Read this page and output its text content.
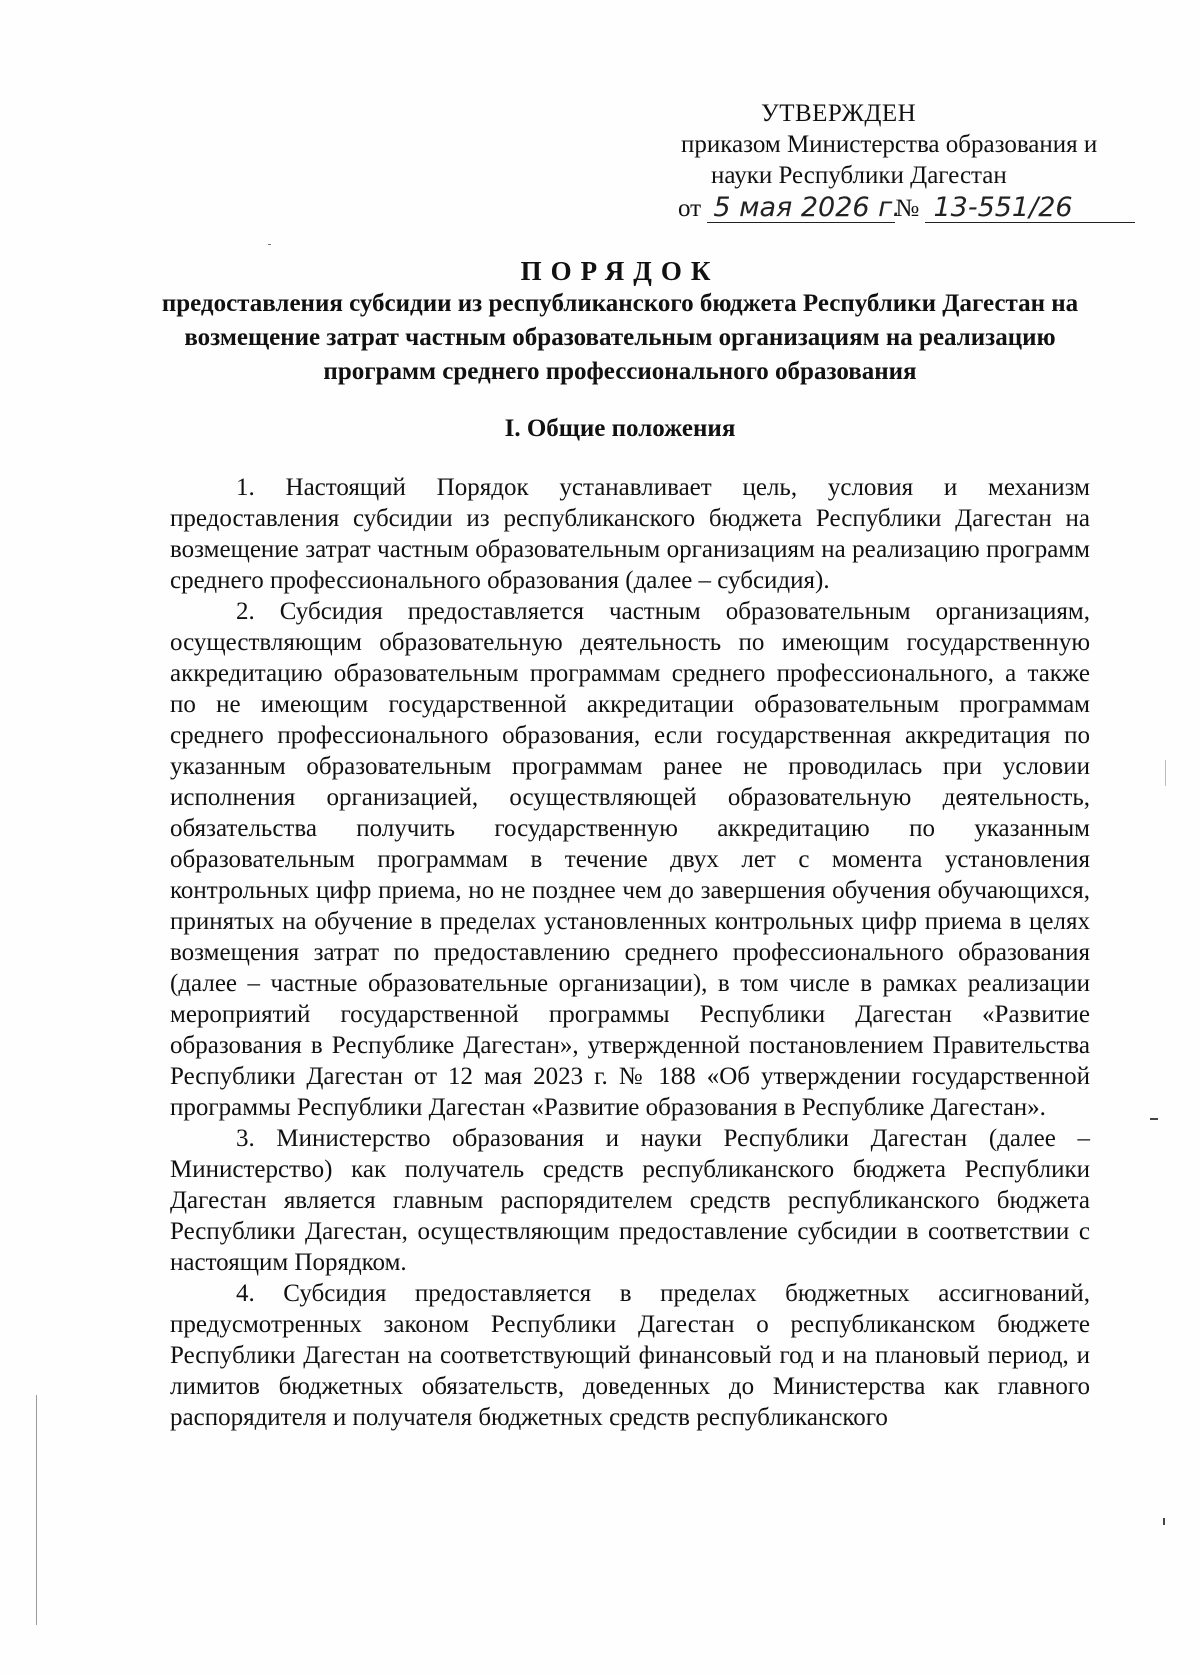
УТВЕРЖДЕН
приказом Министерства образования и
науки Республики Дагестан
от 5 мая 2026 г.№ 13-551/26
ПОРЯДОК
предоставления субсидии из республиканского бюджета Республики Дагестан на возмещение затрат частным образовательным организациям на реализацию программ среднего профессионального образования
I. Общие положения

1. Настоящий Порядок устанавливает цель, условия и механизм предоставления субсидии из республиканского бюджета Республики Дагестан на возмещение затрат частным образовательным организациям на реализацию программ среднего профессионального образования (далее – субсидия).

2. Субсидия предоставляется частным образовательным организациям, осуществляющим образовательную деятельность по имеющим государственную аккредитацию образовательным программам среднего профессионального, а также по не имеющим государственной аккредитации образовательным программам среднего профессионального образования, если государственная аккредитация по указанным образовательным программам ранее не проводилась при условии исполнения организацией, осуществляющей образовательную деятельность, обязательства получить государственную аккредитацию по указанным образовательным программам в течение двух лет с момента установления контрольных цифр приема, но не позднее чем до завершения обучения обучающихся, принятых на обучение в пределах установленных контрольных цифр приема в целях возмещения затрат по предоставлению среднего профессионального образования (далее – частные образовательные организации), в том числе в рамках реализации мероприятий государственной программы Республики Дагестан «Развитие образования в Республике Дагестан», утвержденной постановлением Правительства Республики Дагестан от 12 мая 2023 г. № 188 «Об утверждении государственной программы Республики Дагестан «Развитие образования в Республике Дагестан».

3. Министерство образования и науки Республики Дагестан (далее – Министерство) как получатель средств республиканского бюджета Республики Дагестан является главным распорядителем средств республиканского бюджета Республики Дагестан, осуществляющим предоставление субсидии в соответствии с настоящим Порядком.

4. Субсидия предоставляется в пределах бюджетных ассигнований, предусмотренных законом Республики Дагестан о республиканском бюджете Республики Дагестан на соответствующий финансовый год и на плановый период, и лимитов бюджетных обязательств, доведенных до Министерства как главного распорядителя и получателя бюджетных средств республиканского
